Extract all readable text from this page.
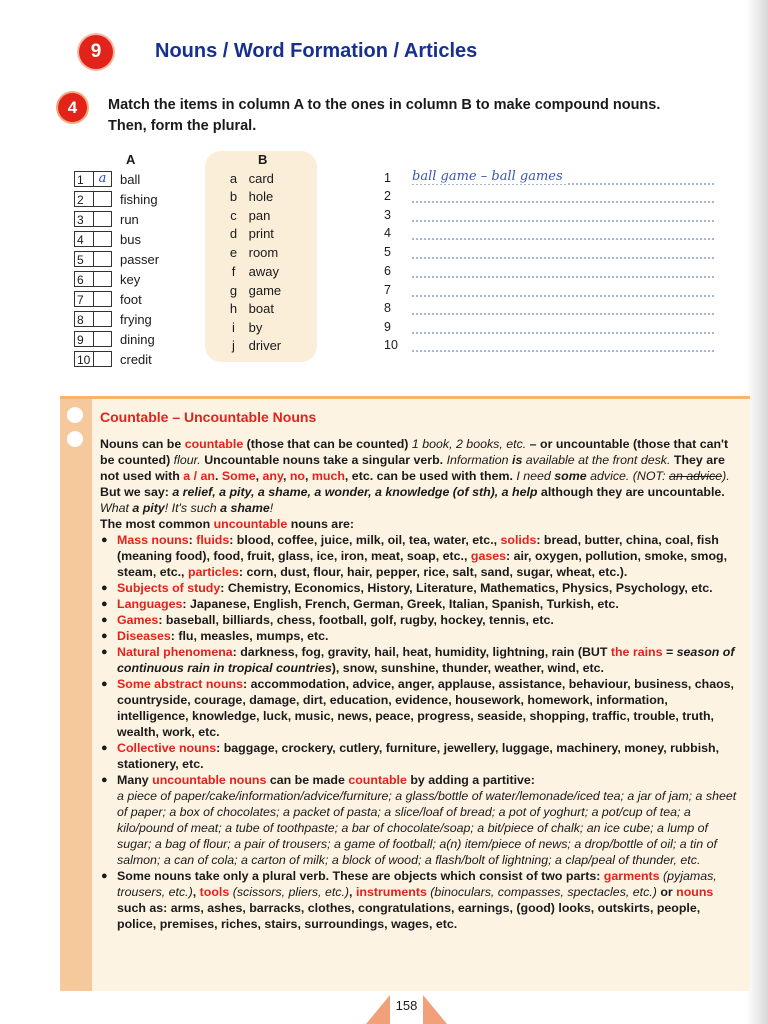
9	Nouns / Word Formation / Articles
4	Match the items in column A to the ones in column B to make compound nouns.
Then, form the plural.
A	B
1	a	ball
2	fishing
3	run
4	bus
5	passer
6	key
7	foot
8	frying
9	dining
10 credit
a card
b hole
c pan
d print
e room
f away
g game
h boat
i by
j driver
1 ball game – ball games
2
3
4
5
6
7
8
9
10
Countable – Uncountable Nouns

Nouns can be countable (those that can be counted) 1 book, 2 books, etc. – or uncountable (those that can't be counted) flour. Uncountable nouns take a singular verb. Information is available at the front desk. They are not used with a / an. Some, any, no, much, etc. can be used with them. I need some advice. (NOT: an advice). But we say: a relief, a pity, a shame, a wonder, a knowledge (of sth), a help although they are uncountable. What a pity! It's such a shame!

The most common uncountable nouns are:

● Mass nouns: fluids: blood, coffee, juice, milk, oil, tea, water, etc., solids: bread, butter, china, coal, fish (meaning food), food, fruit, glass, ice, iron, meat, soap, etc., gases: air, oxygen, pollution, smoke, smog, steam, etc., particles: corn, dust, flour, hair, pepper, rice, salt, sand, sugar, wheat, etc.).
● Subjects of study: Chemistry, Economics, History, Literature, Mathematics, Physics, Psychology, etc.
● Languages: Japanese, English, French, German, Greek, Italian, Spanish, Turkish, etc.
● Games: baseball, billiards, chess, football, golf, rugby, hockey, tennis, etc.
● Diseases: flu, measles, mumps, etc.
● Natural phenomena: darkness, fog, gravity, hail, heat, humidity, lightning, rain (BUT the rains = season of continuous rain in tropical countries), snow, sunshine, thunder, weather, wind, etc.
● Some abstract nouns: accommodation, advice, anger, applause, assistance, behaviour, business, chaos, countryside, courage, damage, dirt, education, evidence, housework, homework, information, intelligence, knowledge, luck, music, news, peace, progress, seaside, shopping, traffic, trouble, truth, wealth, work, etc.
● Collective nouns: baggage, crockery, cutlery, furniture, jewellery, luggage, machinery, money, rubbish, stationery, etc.
● Many uncountable nouns can be made countable by adding a partitive:
a piece of paper/cake/information/advice/furniture; a glass/bottle of water/lemonade/iced tea; a jar of jam; a sheet of paper; a box of chocolates; a packet of pasta; a slice/loaf of bread; a pot of yoghurt; a pot/cup of tea; a kilo/pound of meat; a tube of toothpaste; a bar of chocolate/soap; a bit/piece of chalk; an ice cube; a lump of sugar; a bag of flour; a pair of trousers; a game of football; a(n) item/piece of news; a drop/bottle of oil; a tin of salmon; a can of cola; a carton of milk; a block of wood; a flash/bolt of lightning; a clap/peal of thunder, etc.
● Some nouns take only a plural verb. These are objects which consist of two parts: garments (pyjamas, trousers, etc.), tools (scissors, pliers, etc.), instruments (binoculars, compasses, spectacles, etc.) or nouns such as: arms, ashes, barracks, clothes, congratulations, earnings, (good) looks, outskirts, people, police, premises, riches, stairs, surroundings, wages, etc.
158
